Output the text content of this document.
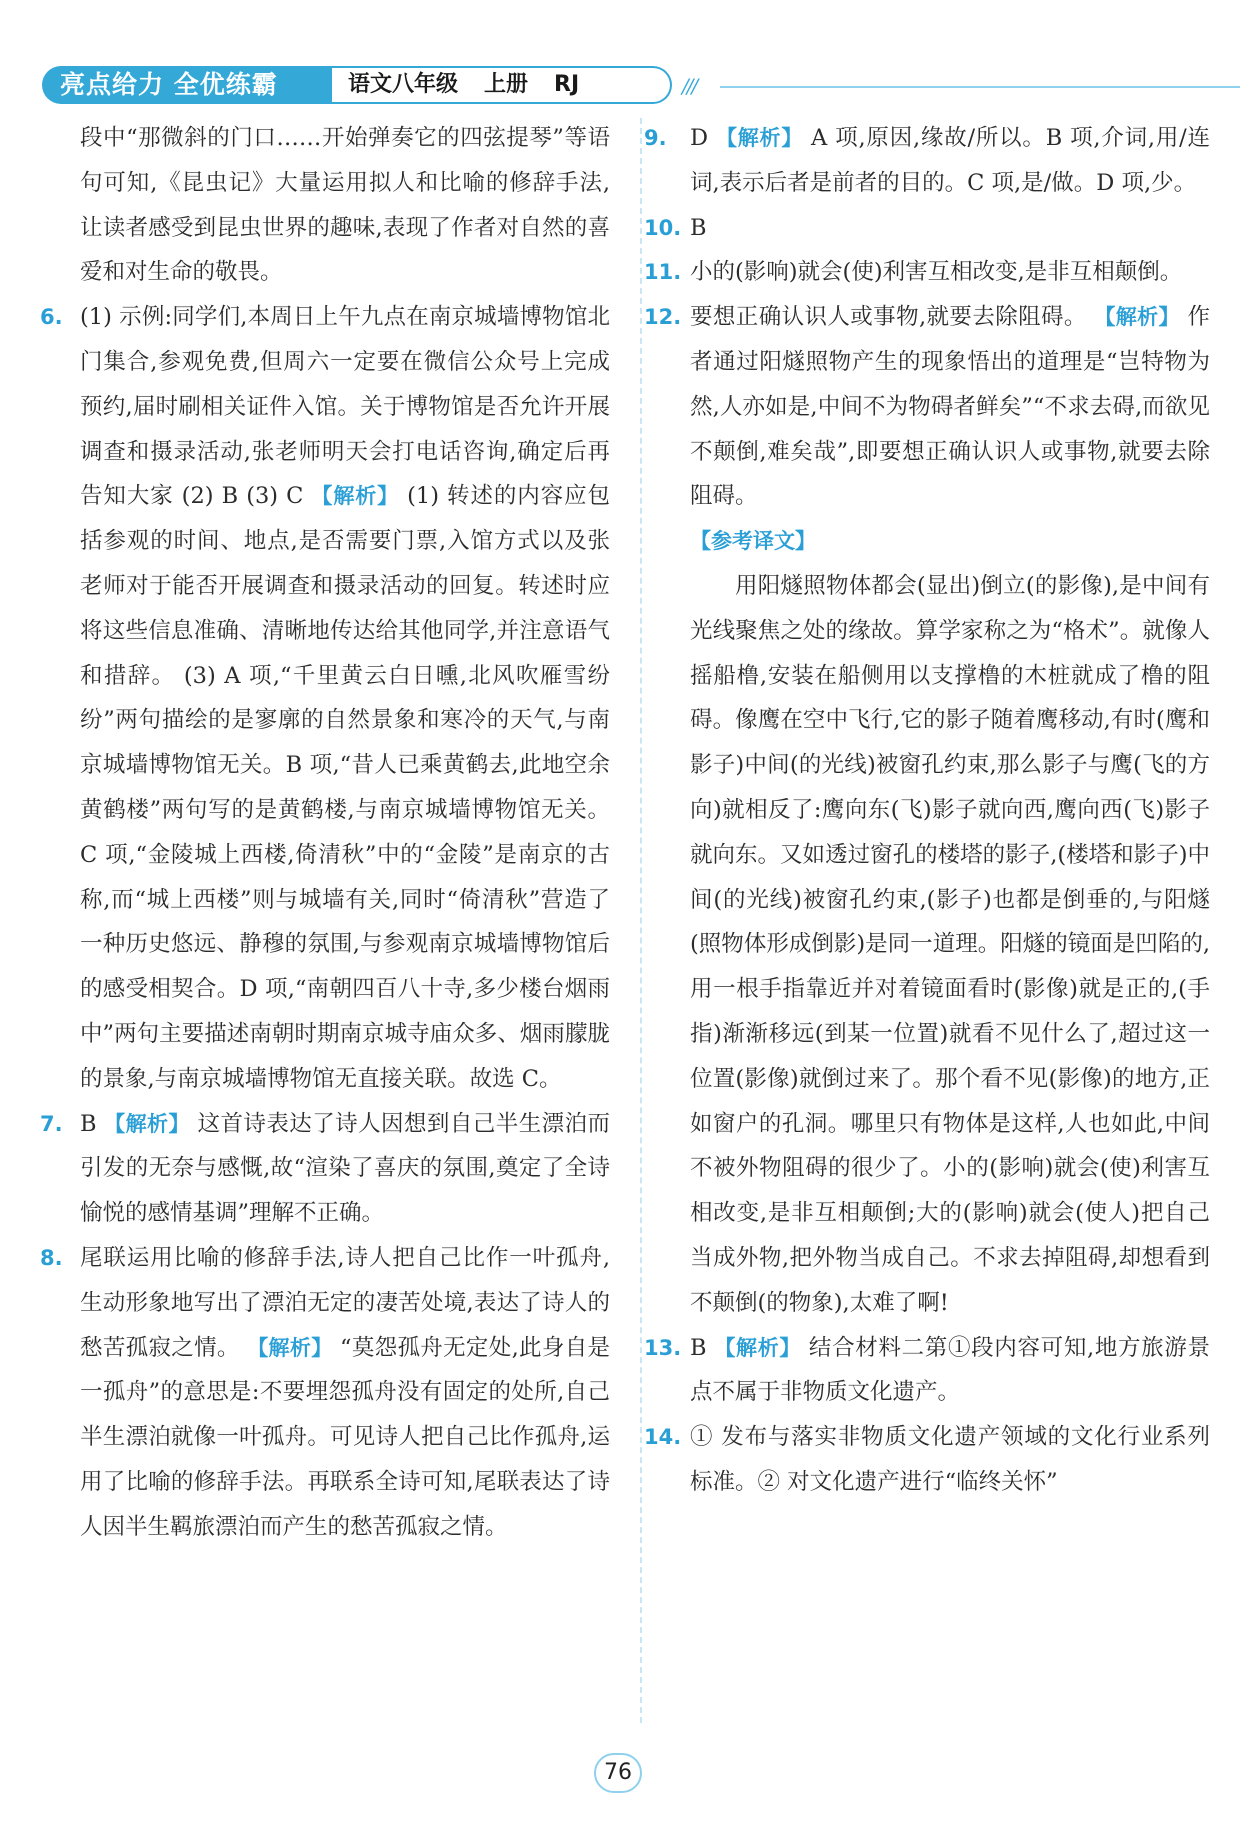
亮点给力 全优练霸	语文八年级 上册 RJ	///

段中“那微斜的门口……开始弹奏它的四弦提琴”等语句可知,《昆虫记》大量运用拟人和比喻的修辞手法,让读者感受到昆虫世界的趣味,表现了作者对自然的喜爱和对生命的敬畏。

6. (1) 示例:同学们,本周日上午九点在南京城墙博物馆北门集合,参观免费,但周六一定要在微信公众号上完成预约,届时刷相关证件入馆。关于博物馆是否允许开展调查和摄录活动,张老师明天会打电话咨询,确定后再告知大家 (2) B (3) C 【解析】 (1) 转述的内容应包括参观的时间、地点,是否需要门票,入馆方式以及张老师对于能否开展调查和摄录活动的回复。转述时应将这些信息准确、清晰地传达给其他同学,并注意语气和措辞。 (3) A 项,“千里黄云白日曛,北风吹雁雪纷纷”两句描绘的是寥廓的自然景象和寒冷的天气,与南京城墙博物馆无关。B 项,“昔人已乘黄鹤去,此地空余黄鹤楼”两句写的是黄鹤楼,与南京城墙博物馆无关。C 项,“金陵城上西楼,倚清秋”中的“金陵”是南京的古称,而“城上西楼”则与城墙有关,同时“倚清秋”营造了一种历史悠远、静穆的氛围,与参观南京城墙博物馆后的感受相契合。D 项,“南朝四百八十寺,多少楼台烟雨中”两句主要描述南朝时期南京城寺庙众多、烟雨朦胧的景象,与南京城墙博物馆无直接关联。故选 C。

7. B 【解析】 这首诗表达了诗人因想到自己半生漂泊而引发的无奈与感慨,故“渲染了喜庆的氛围,奠定了全诗愉悦的感情基调”理解不正确。

8. 尾联运用比喻的修辞手法,诗人把自己比作一叶孤舟,生动形象地写出了漂泊无定的凄苦处境,表达了诗人的愁苦孤寂之情。 【解析】 “莫怨孤舟无定处,此身自是一孤舟”的意思是:不要埋怨孤舟没有固定的处所,自己半生漂泊就像一叶孤舟。可见诗人把自己比作孤舟,运用了比喻的修辞手法。再联系全诗可知,尾联表达了诗人因半生羁旅漂泊而产生的愁苦孤寂之情。

9. D 【解析】 A 项,原因,缘故/所以。B 项,介词,用/连词,表示后者是前者的目的。C 项,是/做。D 项,少。

10. B

11. 小的(影响)就会(使)利害互相改变,是非互相颠倒。

12. 要想正确认识人或事物,就要去除阻碍。 【解析】 作者通过阳燧照物产生的现象悟出的道理是“岂特物为然,人亦如是,中间不为物碍者鲜矣”“不求去碍,而欲见不颠倒,难矣哉”,即要想正确认识人或事物,就要去除阻碍。

【参考译文】

用阳燧照物体都会(显出)倒立(的影像),是中间有光线聚焦之处的缘故。算学家称之为“格术”。就像人摇船橹,安装在船侧用以支撑橹的木桩就成了橹的阻碍。像鹰在空中飞行,它的影子随着鹰移动,有时(鹰和影子)中间(的光线)被窗孔约束,那么影子与鹰(飞的方向)就相反了:鹰向东(飞)影子就向西,鹰向西(飞)影子就向东。又如透过窗孔的楼塔的影子,(楼塔和影子)中间(的光线)被窗孔约束,(影子)也都是倒垂的,与阳燧(照物体形成倒影)是同一道理。阳燧的镜面是凹陷的,用一根手指靠近并对着镜面看时(影像)就是正的,(手指)渐渐移远(到某一位置)就看不见什么了,超过这一位置(影像)就倒过来了。那个看不见(影像)的地方,正如窗户的孔洞。哪里只有物体是这样,人也如此,中间不被外物阻碍的很少了。小的(影响)就会(使)利害互相改变,是非互相颠倒;大的(影响)就会(使人)把自己当成外物,把外物当成自己。不求去掉阻碍,却想看到不颠倒(的物象),太难了啊!

13. B 【解析】 结合材料二第①段内容可知,地方旅游景点不属于非物质文化遗产。

14. ① 发布与落实非物质文化遗产领域的文化行业系列标准。② 对文化遗产进行“临终关怀”

76
